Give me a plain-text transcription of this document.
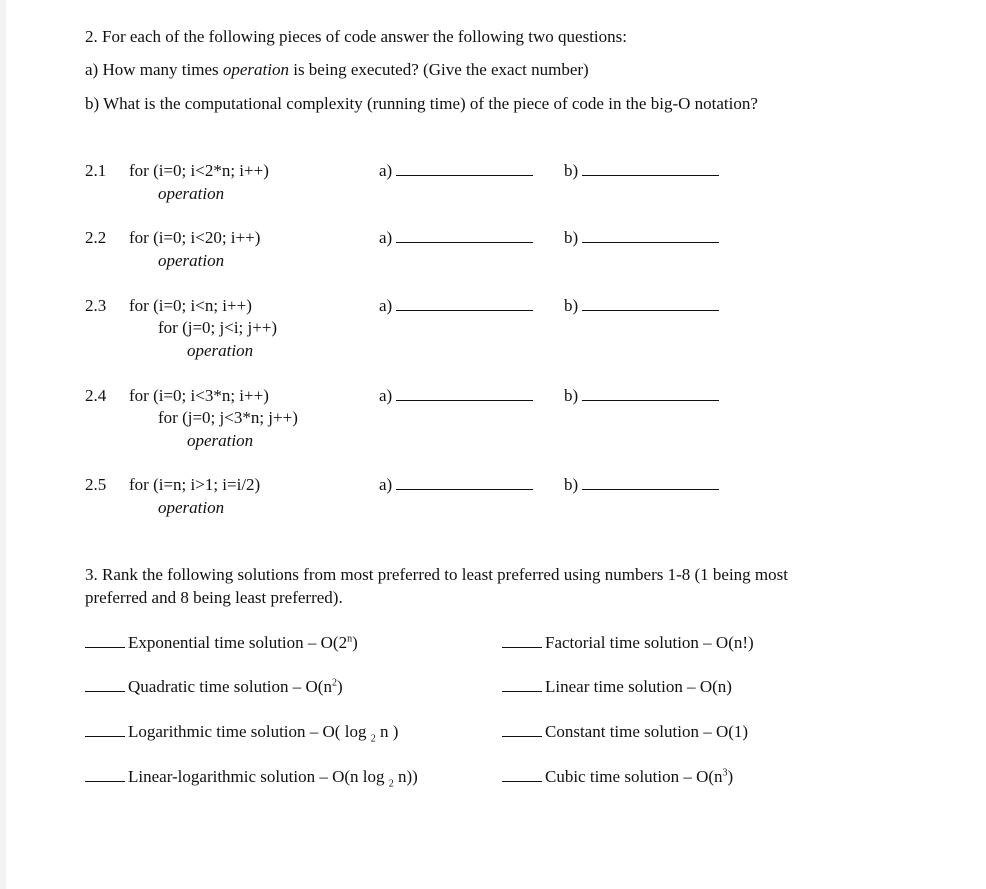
2. For each of the following pieces of code answer the following two questions:
a) How many times operation is being executed? (Give the exact number)
b) What is the computational complexity (running time) of the piece of code in the big-O notation?
2.1 for (i=0; i<2*n; i++)
operation
a)	b)
2.2 for (i=0; i<20; i++)
operation
a)	b)
2.3 for (i=0; i<n; i++)
for (j=0; j<i; j++)
operation
a)	b)
2.4 for (i=0; i<3*n; i++)
for (j=0; j<3*n; j++)
operation
a)	b)
2.5 for (i=n; i>1; i=i/2)
operation
a)	b)
3. Rank the following solutions from most preferred to least preferred using numbers 1-8 (1 being most
preferred and 8 being least preferred).
Exponential time solution – O(2$^n$)
Quadratic time solution – $O(n^2)$
Logarithmic time solution – O( log $_2$ n )
Linear-logarithmic solution – O(n log $_2$ n))
Factorial time solution – O(n!)
Linear time solution – O(n)
Constant time solution – O(1)
Cubic time solution – $O(n^3)$
